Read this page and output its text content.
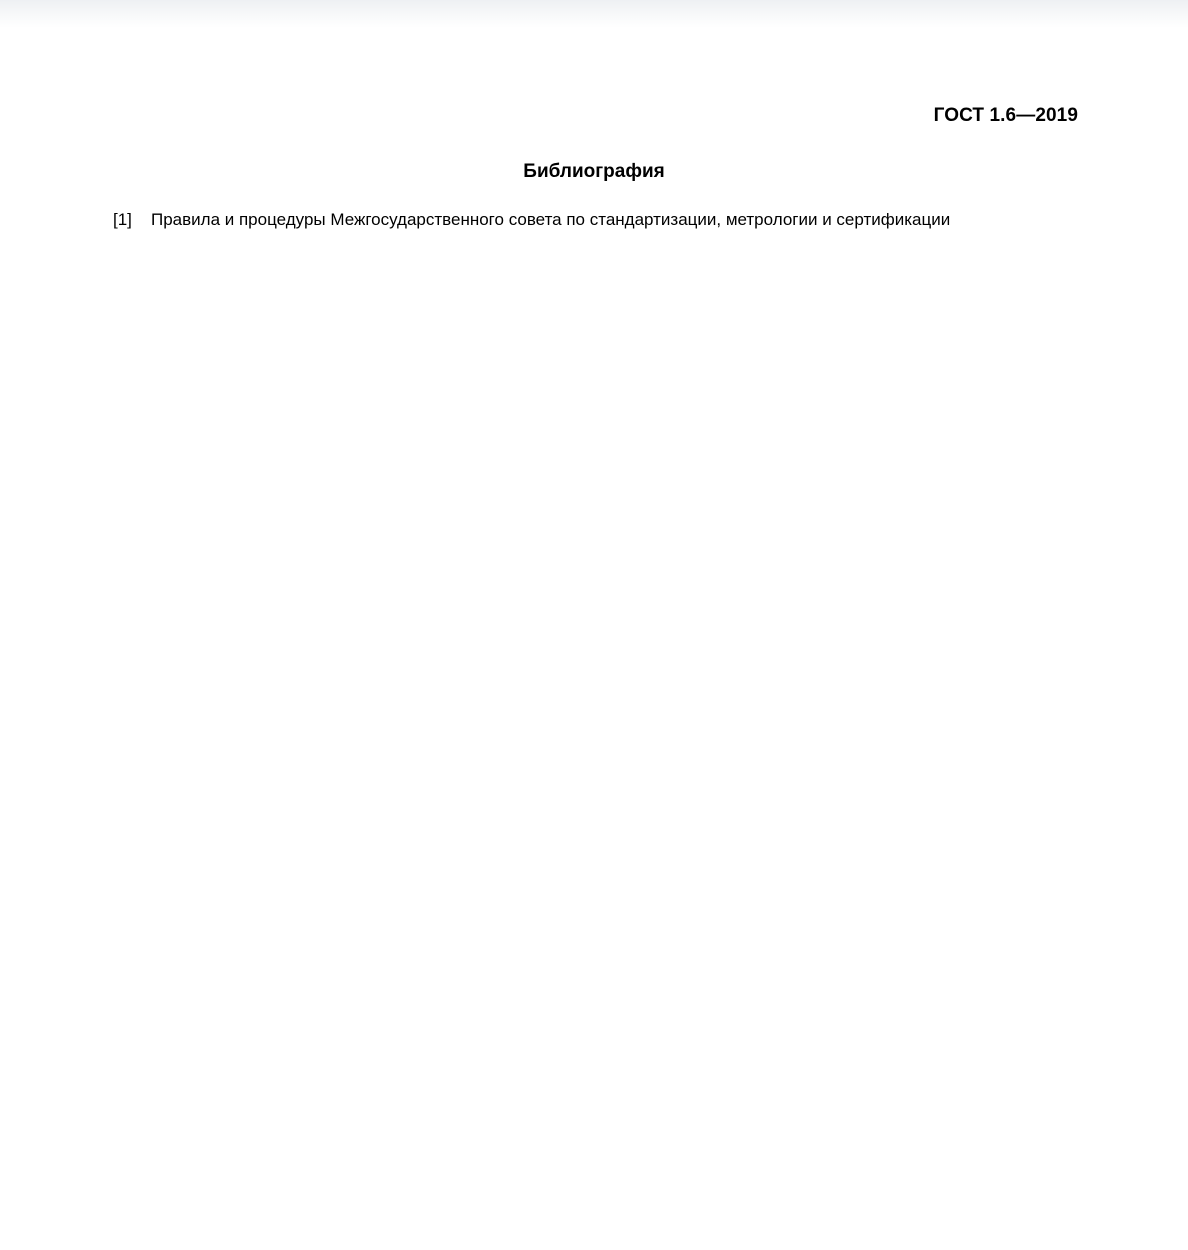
ГОСТ 1.6—2019
Библиография
[1]	Правила и процедуры Межгосударственного совета по стандартизации, метрологии и сертификации
